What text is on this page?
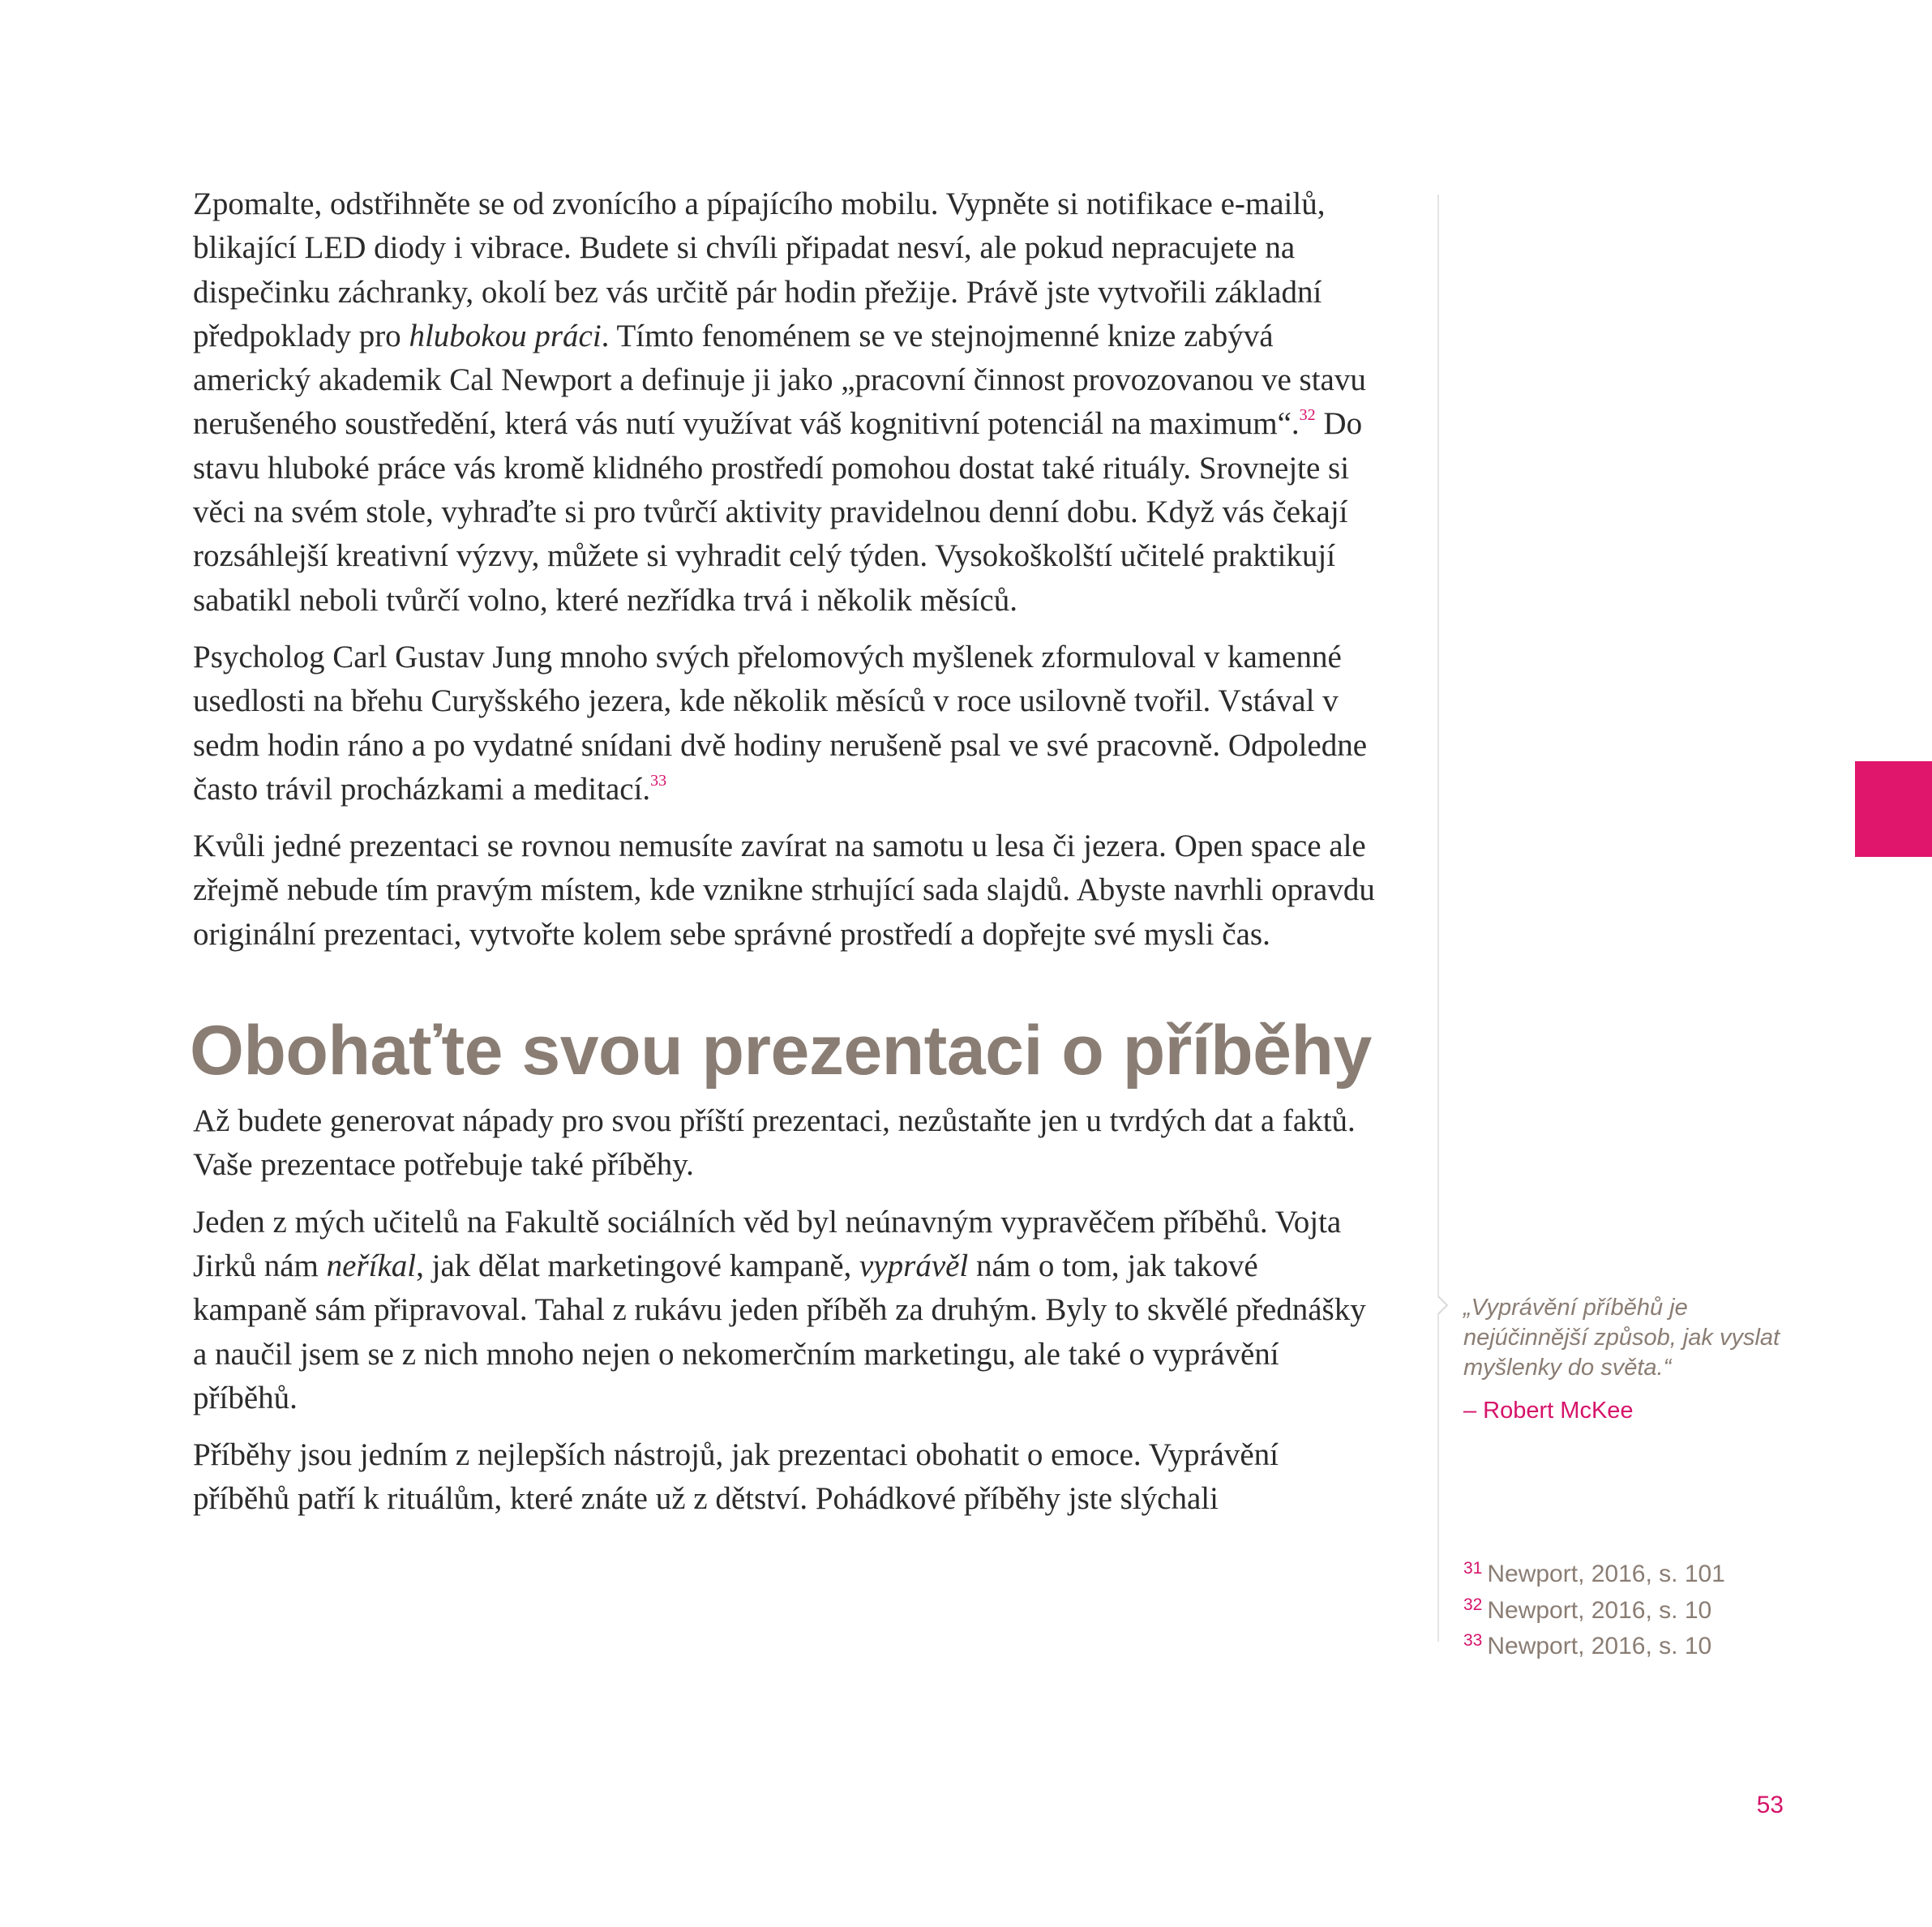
Zpomalte, odstřihněte se od zvonícího a pípajícího mobilu. Vypněte si notifikace e-mailů, blikající LED diody i vibrace. Budete si chvíli připadat nesví, ale pokud nepracujete na dispečinku záchranky, okolí bez vás určitě pár hodin přežije. Právě jste vytvořili základní předpoklady pro hlubokou práci. Tímto fenoménem se ve stejnojmenné knize zabývá americký akademik Cal Newport a definuje ji jako „pracovní činnost provozovanou ve stavu nerušeného soustředění, která vás nutí využívat váš kognitivní potenciál na maximum“.$^{32}$ Do stavu hluboké práce vás kromě klidného prostředí pomohou dostat také rituály. Srovnejte si věci na svém stole, vyhraďte si pro tvůrčí aktivity pravidelnou denní dobu. Když vás čekají rozsáhlejší kreativní výzvy, můžete si vyhradit celý týden. Vysokoškolští učitelé praktikují sabatikl neboli tvůrčí volno, které nezřídka trvá i několik měsíců.

Psycholog Carl Gustav Jung mnoho svých přelomových myšlenek zformuloval v kamenné usedlosti na břehu Curyšského jezera, kde několik měsíců v roce usilovně tvořil. Vstával v sedm hodin ráno a po vydatné snídani dvě hodiny nerušeně psal ve své pracovně. Odpoledne často trávil procházkami a meditací.$^{33}$

Kvůli jedné prezentaci se rovnou nemusíte zavírat na samotu u lesa či jezera. Open space ale zřejmě nebude tím pravým místem, kde vznikne strhující sada slajdů. Abyste navrhli opravdu originální prezentaci, vytvořte kolem sebe správné prostředí a dopřejte své mysli čas.

Obohaťte svou prezentaci o příběhy

Až budete generovat nápady pro svou příští prezentaci, nezůstaňte jen u tvrdých dat a faktů. Vaše prezentace potřebuje také příběhy.

Jeden z mých učitelů na Fakultě sociálních věd byl neúnavným vypravěčem příběhů. Vojta Jirků nám neříkal, jak dělat marketingové kampaně, vyprávěl nám o tom, jak takové kampaně sám připravoval. Tahal z rukávu jeden příběh za druhým. Byly to skvělé přednášky a naučil jsem se z nich mnoho nejen o nekomerčním marketingu, ale také o vyprávění příběhů.

Příběhy jsou jedním z nejlepších nástrojů, jak prezentaci obohatit o emoce. Vyprávění příběhů patří k rituálům, které znáte už z dětství. Pohádkové příběhy jste slýchali

„Vyprávění příběhů je nejúčinnější způsob, jak vyslat myšlenky do světa.“
– Robert McKee
$^{31}$ Newport, 2016, s. 101
$^{32}$ Newport, 2016, s. 10
$^{33}$ Newport, 2016, s. 10
53
